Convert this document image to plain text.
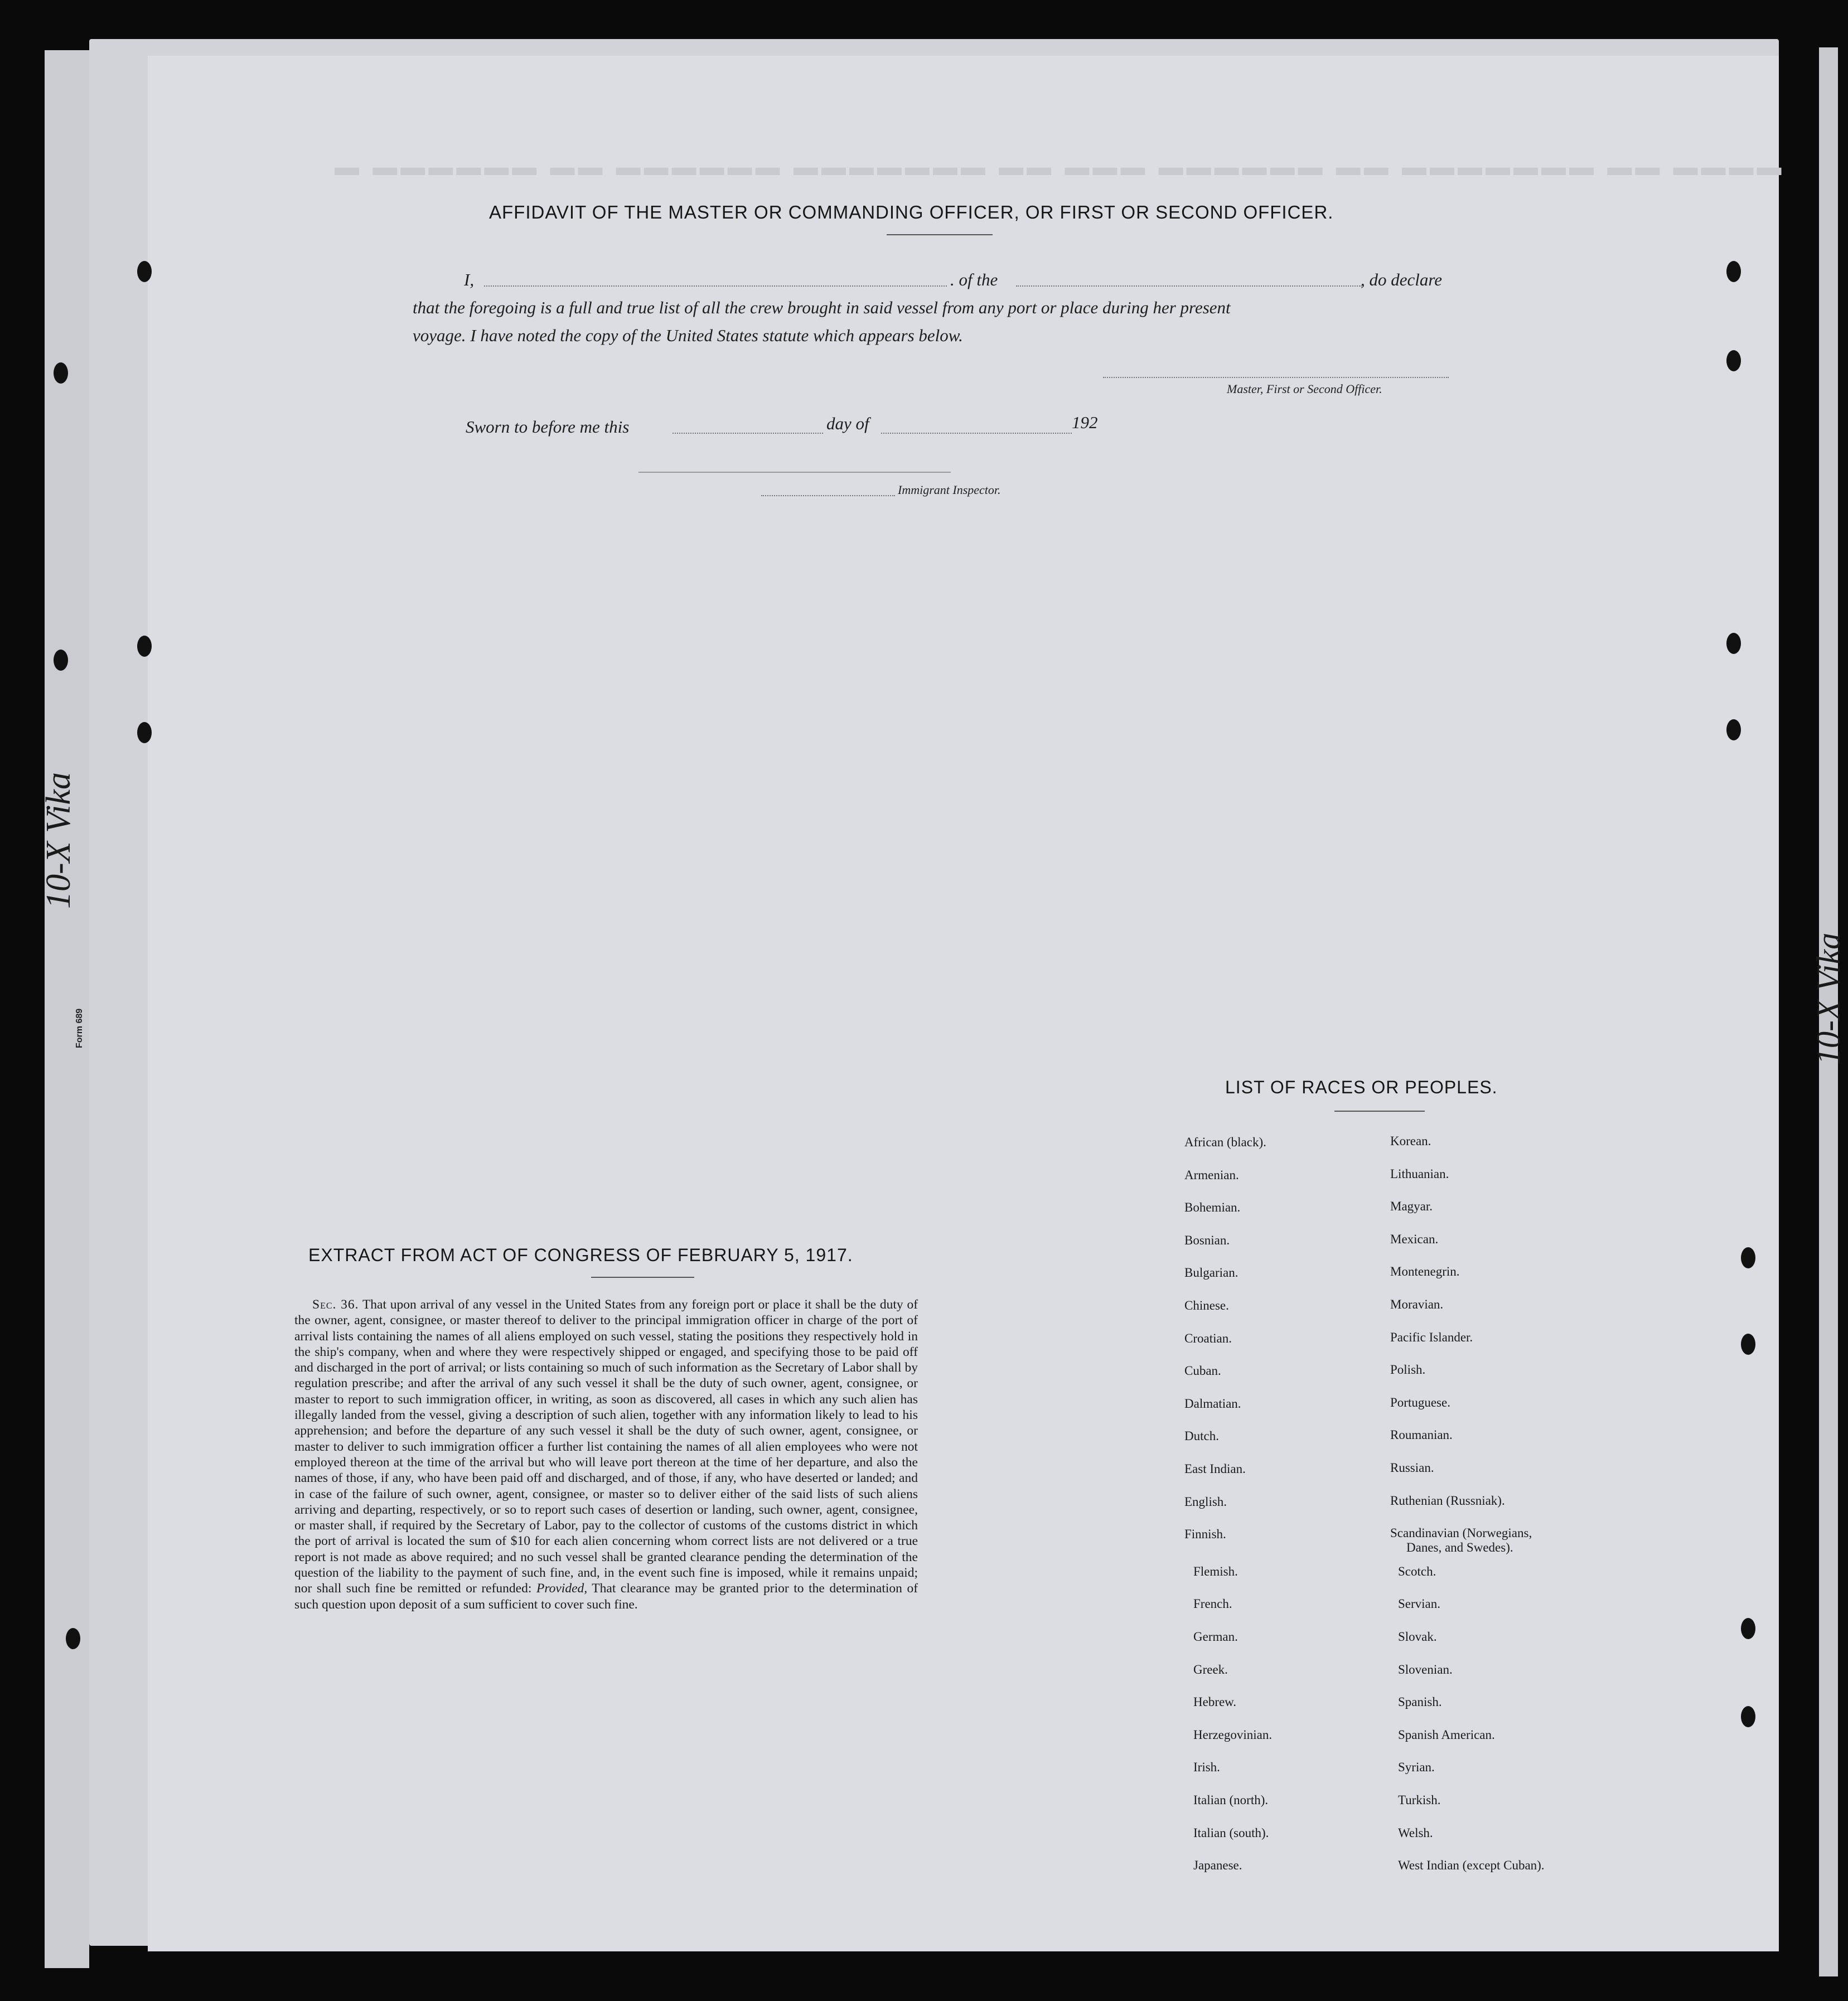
▬ ▬▬▬▬▬▬ ▬▬ ▬▬▬▬▬▬ ▬▬▬▬▬▬▬ ▬▬ ▬▬▬ ▬▬▬▬▬▬ ▬▬ ▬▬▬▬▬▬▬ ▬▬ ▬▬▬▬
10-X Vika
10-X Vika
Form 689
AFFIDAVIT OF THE MASTER OR COMMANDING OFFICER, OR FIRST OR SECOND OFFICER.
I,	. of the	, do declare
that the foregoing is a full and true list of all the crew brought in said vessel from any port or place during her present
voyage. I have noted the copy of the United States statute which appears below.
Master, First or Second Officer.
Sworn to before me this	day of	192
Immigrant Inspector.
EXTRACT FROM ACT OF CONGRESS OF FEBRUARY 5, 1917.
Sec. 36. That upon arrival of any vessel in the United States from any foreign port or place it shall be the duty of the owner, agent, consignee, or master thereof to deliver to the principal immigration officer in charge of the port of arrival lists containing the names of all aliens employed on such vessel, stating the positions they respectively hold in the ship's company, when and where they were respectively shipped or engaged, and specifying those to be paid off and discharged in the port of arrival; or lists containing so much of such information as the Secretary of Labor shall by regulation prescribe; and after the arrival of any such vessel it shall be the duty of such owner, agent, consignee, or master to report to such immigration officer, in writing, as soon as discovered, all cases in which any such alien has illegally landed from the vessel, giving a description of such alien, together with any information likely to lead to his apprehension; and before the departure of any such vessel it shall be the duty of such owner, agent, consignee, or master to deliver to such immigration officer a further list containing the names of all alien employees who were not employed thereon at the time of the arrival but who will leave port thereon at the time of her departure, and also the names of those, if any, who have been paid off and discharged, and of those, if any, who have deserted or landed; and in case of the failure of such owner, agent, consignee, or master so to deliver either of the said lists of such aliens arriving and departing, respectively, or so to report such cases of desertion or landing, such owner, agent, consignee, or master shall, if required by the Secretary of Labor, pay to the collector of customs of the customs district in which the port of arrival is located the sum of $10 for each alien concerning whom correct lists are not delivered or a true report is not made as above required; and no such vessel shall be granted clearance pending the determination of the question of the liability to the payment of such fine, and, in the event such fine is imposed, while it remains unpaid; nor shall such fine be remitted or refunded: Provided, That clearance may be granted prior to the determination of such question upon deposit of a sum sufficient to cover such fine.
LIST OF RACES OR PEOPLES.
African (black).
Armenian.
Bohemian.
Bosnian.
Bulgarian.
Chinese.
Croatian.
Cuban.
Dalmatian.
Dutch.
East Indian.
English.
Finnish.
Flemish.
French.
German.
Greek.
Hebrew.
Herzegovinian.
Irish.
Italian (north).
Italian (south).
Japanese.
Korean.
Lithuanian.
Magyar.
Mexican.
Montenegrin.
Moravian.
Pacific Islander.
Polish.
Portuguese.
Roumanian.
Russian.
Ruthenian (Russniak).
Scandinavian (Norwegians,
Scotch.
Servian.
Slovak.
Slovenian.
Spanish.
Spanish American.
Syrian.
Turkish.
Welsh.
West Indian (except Cuban).
Danes, and Swedes).
